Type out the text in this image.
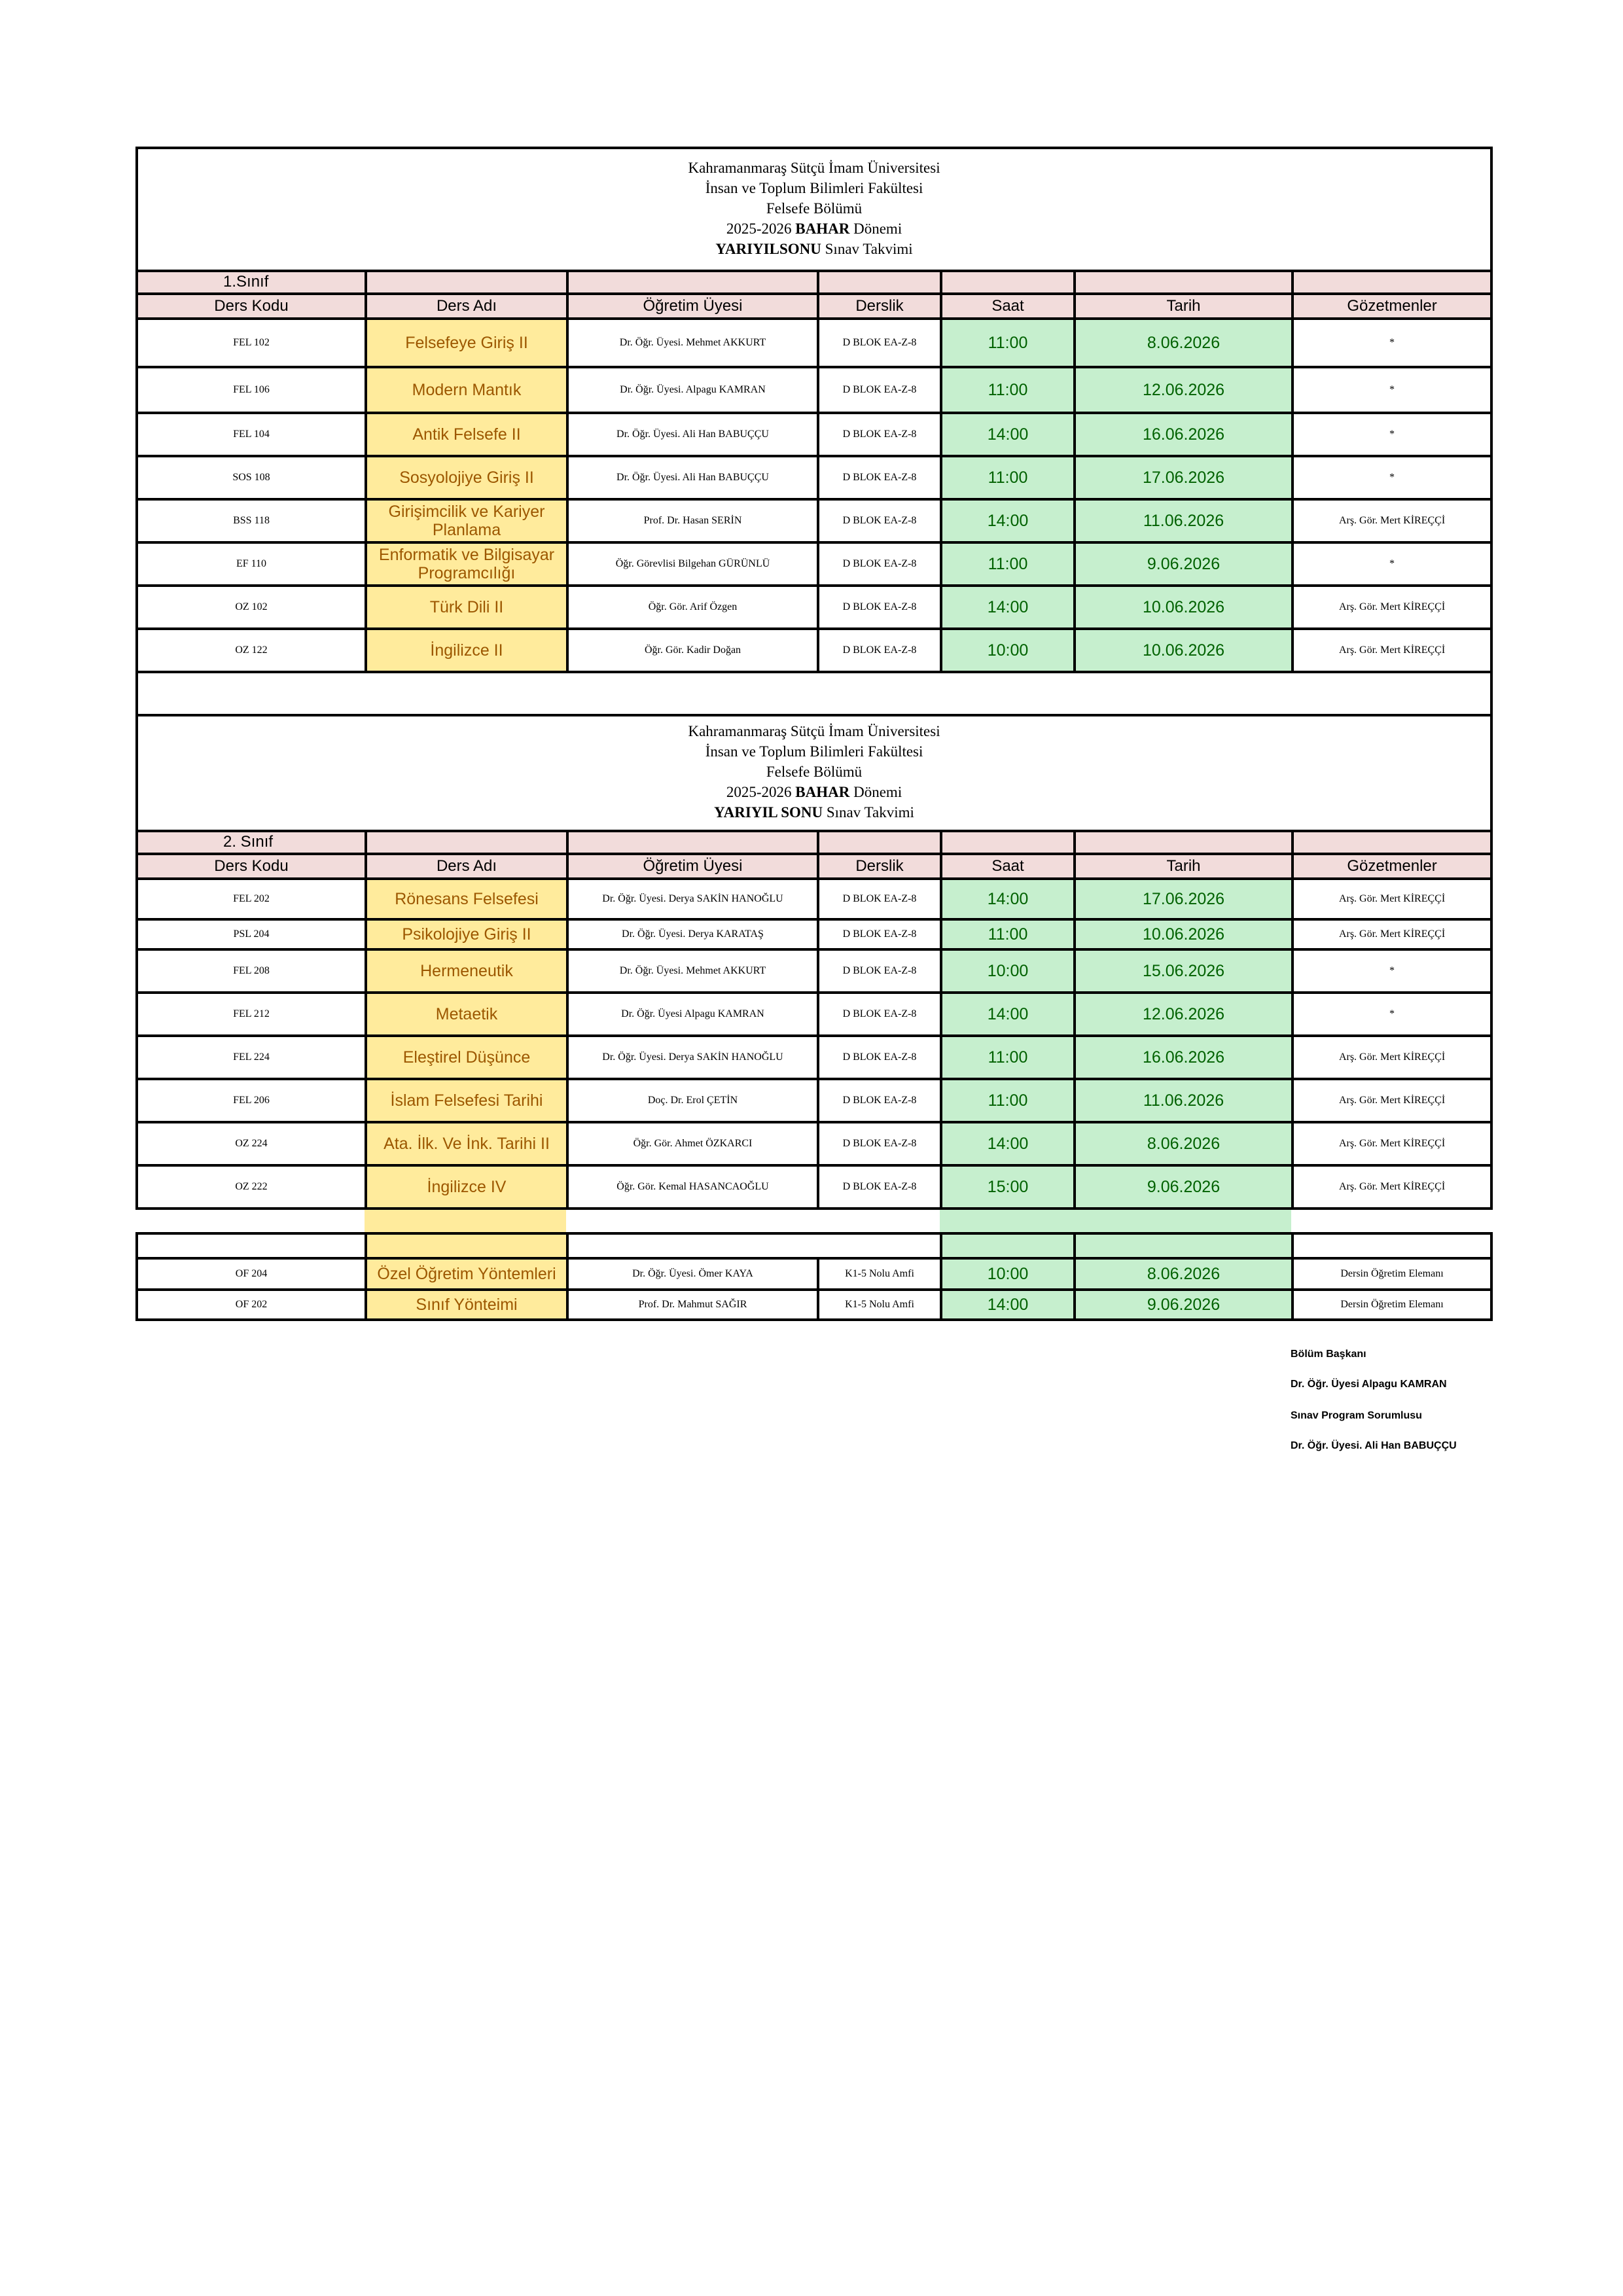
Kahramanmaraş Sütçü İmam Üniversitesi
İnsan ve Toplum Bilimleri Fakültesi
Felsefe Bölümü
2025-2026 BAHAR Dönemi
YARIYILSONU Sınav Takvimi						

1.Sınıf						
Ders Kodu	Ders Adı	Öğretim Üyesi	Derslik	Saat	Tarih	Gözetmenler
FEL 102	Felsefeye Giriş II	Dr. Öğr. Üyesi. Mehmet AKKURT	D BLOK EA-Z-8	11:00	8.06.2026	*
FEL 106	Modern Mantık	Dr. Öğr. Üyesi. Alpagu KAMRAN	D BLOK EA-Z-8	11:00	12.06.2026	*
FEL 104	Antik Felsefe II	Dr. Öğr. Üyesi. Ali Han BABUÇÇU	D BLOK EA-Z-8	14:00	16.06.2026	*
SOS 108	Sosyolojiye Giriş II	Dr. Öğr. Üyesi. Ali Han BABUÇÇU	D BLOK EA-Z-8	11:00	17.06.2026	*
BSS 118	Girişimcilik ve Kariyer Planlama	Prof. Dr. Hasan SERİN	D BLOK EA-Z-8	14:00	11.06.2026	Arş. Gör. Mert KİREÇÇİ
EF 110	Enformatik ve Bilgisayar Programcılığı	Öğr. Görevlisi Bilgehan GÜRÜNLÜ	D BLOK EA-Z-8	11:00	9.06.2026	*
OZ 102	Türk Dili II	Öğr. Gör. Arif Özgen	D BLOK EA-Z-8	14:00	10.06.2026	Arş. Gör. Mert KİREÇÇİ
OZ 122	İngilizce II	Öğr. Gör. Kadir Doğan	D BLOK EA-Z-8	10:00	10.06.2026	Arş. Gör. Mert KİREÇÇİ

Kahramanmaraş Sütçü İmam Üniversitesi
İnsan ve Toplum Bilimleri Fakültesi
Felsefe Bölümü
2025-2026 BAHAR Dönemi
YARIYIL SONU Sınav Takvimi						

2. Sınıf						
Ders Kodu	Ders Adı	Öğretim Üyesi	Derslik	Saat	Tarih	Gözetmenler
FEL 202	Rönesans Felsefesi	Dr. Öğr. Üyesi. Derya SAKİN HANOĞLU	D BLOK EA-Z-8	14:00	17.06.2026	Arş. Gör. Mert KİREÇÇİ
PSL 204	Psikolojiye Giriş II	Dr. Öğr. Üyesi. Derya KARATAŞ	D BLOK EA-Z-8	11:00	10.06.2026	Arş. Gör. Mert KİREÇÇİ
FEL 208	Hermeneutik	Dr. Öğr. Üyesi. Mehmet AKKURT	D BLOK EA-Z-8	10:00	15.06.2026	*
FEL 212	Metaetik	Dr. Öğr. Üyesi Alpagu KAMRAN	D BLOK EA-Z-8	14:00	12.06.2026	*
FEL 224	Eleştirel Düşünce	Dr. Öğr. Üyesi. Derya SAKİN HANOĞLU	D BLOK EA-Z-8	11:00	16.06.2026	Arş. Gör. Mert KİREÇÇİ
FEL 206	İslam Felsefesi Tarihi	Doç. Dr. Erol ÇETİN	D BLOK EA-Z-8	11:00	11.06.2026	Arş. Gör. Mert KİREÇÇİ
OZ 224	Ata. İlk. Ve İnk. Tarihi II	Öğr. Gör. Ahmet ÖZKARCI	D BLOK EA-Z-8	14:00	8.06.2026	Arş. Gör. Mert KİREÇÇİ
OZ 222	İngilizce IV	Öğr. Gör. Kemal HASANCAOĞLU	D BLOK EA-Z-8	15:00	9.06.2026	Arş. Gör. Mert KİREÇÇİ

OF 204	Özel Öğretim Yöntemleri	Dr. Öğr. Üyesi. Ömer KAYA	K1-5 Nolu Amfi	10:00	8.06.2026	Dersin Öğretim Elemanı
OF 202	Sınıf Yönteimi	Prof. Dr. Mahmut SAĞIR	K1-5 Nolu Amfi	14:00	9.06.2026	Dersin Öğretim Elemanı
Bölüm Başkanı
Dr. Öğr. Üyesi Alpagu KAMRAN
Sınav Program Sorumlusu
Dr. Öğr. Üyesi. Ali Han BABUÇÇU
